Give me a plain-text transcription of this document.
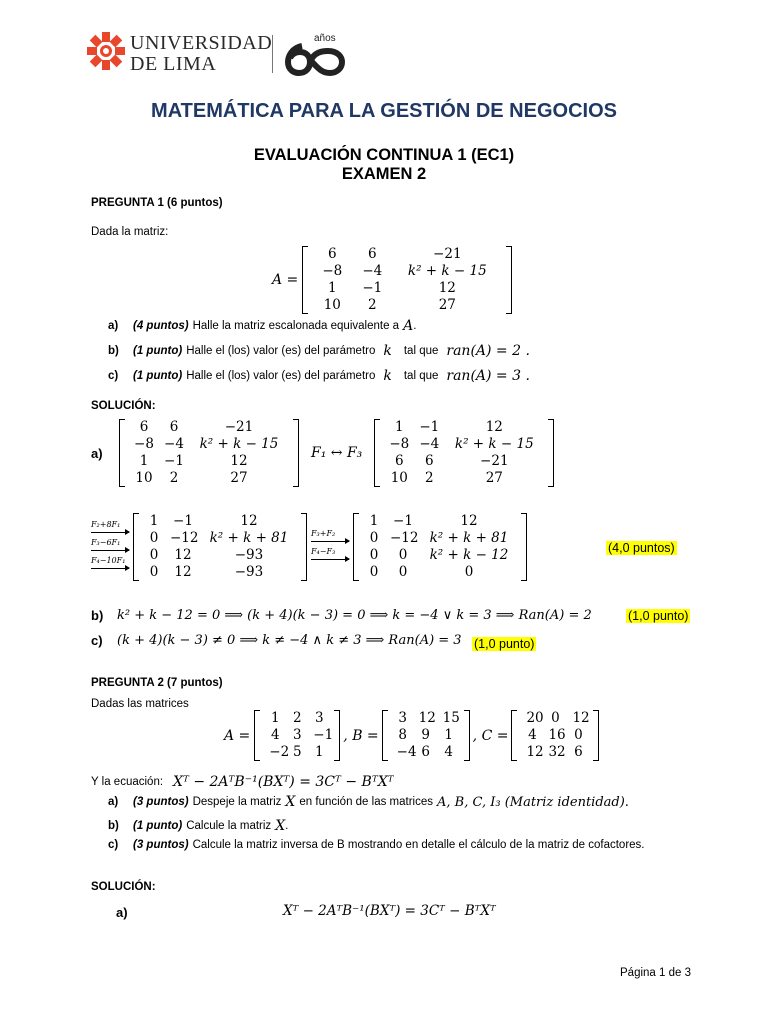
UNIVERSIDAD
DE LIMA
años
MATEMÁTICA PARA LA GESTIÓN DE NEGOCIOS
EVALUACIÓN CONTINUA 1 (EC1)
EXAMEN 2
PREGUNTA 1 (6 puntos)
Dada la matriz:
A =
6	6	−21
−8	−4	k² + k − 15
1	−1	12
10	2	27
a)	(4 puntos) Halle la matriz escalonada equivalente a A .
b)	(1 punto) Halle el (los) valor (es) del parámetro k tal que ran(A) = 2 .
c)	(1 punto) Halle el (los) valor (es) del parámetro k tal que ran(A) = 3 .
SOLUCIÓN:
a)
6	6	−21
−8 −4	k² + k − 15
1	−1	12
10	2	27
F₁ ↔ F₃
1	−1	12
−8 −4	k² + k − 15
6	6	−21
10	2	27
F₂+8F₁
F₃−6F₁
F₄−10F₁
1	−1	12
0 −12 k² + k + 81
0	12	−93
0	12	−93
F₃+F₂
F₄−F₃
1	−1	12
0 −12 k² + k + 81
0	0	k² + k − 12
0	0	0
(4,0 puntos)
b)	k² + k − 12 = 0 ⟹ (k + 4)(k − 3) = 0 ⟹ k = −4 ∨ k = 3 ⟹ Ran(A) = 2	(1,0 punto)
c)	(k + 4)(k − 3) ≠ 0 ⟹ k ≠ −4 ∧ k ≠ 3 ⟹ Ran(A) = 3 (1,0 punto)
PREGUNTA 2 (7 puntos)
Dadas las matrices
A =
1 2 3
4 3 −1
−2 5 1
, B =
3 12 15
8	9	1
−4 6	4
, C =
20 0 12
4 16 0
12 32 6
Y la ecuación: Xᵀ − 2AᵀB⁻¹(BXᵀ) = 3Cᵀ − BᵀXᵀ
a)	(3 puntos) Despeje la matriz X en función de las matrices A, B, C, I₃ (Matriz identidad).
b)	(1 punto) Calcule la matriz X .
c)	(3 puntos) Calcule la matriz inversa de B mostrando en detalle el cálculo de la matriz de cofactores.
SOLUCIÓN:
a)	Xᵀ − 2AᵀB⁻¹(BXᵀ) = 3Cᵀ − BᵀXᵀ
Página 1 de 3
